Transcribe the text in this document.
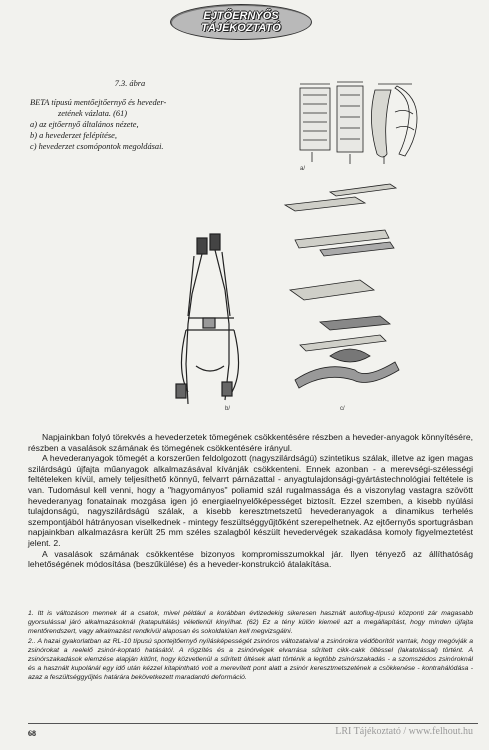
EJTŐERNYŐS
TÁJÉKOZTATÓ
7.3. ábra
BETA típusú mentőejtőernyő és heveder-
zetének vázlata. (61)
a) az ejtőernyő általános nézete,
b) a hevederzet felépítése,
c) hevederzet csomópontok megoldásai.
a/
b/	c/

Napjainkban folyó törekvés a hevederzetek tömegének csökkentésére részben a heveder-anyagok könnyítésére, részben a vasalások számának és tömegének csökkentésére irányul.

A hevederanyagok tömegét a korszerűen feldolgozott (nagyszilárdságú) szintetikus szálak, illetve az igen magas szilárdságú újfajta műanyagok alkalmazásával kívánják csökkenteni. Ennek azonban - a merevségi-szélességi feltételeken kívül, amely teljesíthető könnyű, felvarrt párnázattal - anyagtulajdonsági-gyártástechnológiai feltétele is van. Tudomásul kell venni, hogy a "hagyományos" poliamid szál rugalmassága és a viszonylag vastagra szövött hevederanyag fonatainak mozgása igen jó energiaelnyelőképességet biztosít. Ezzel szemben, a kisebb nyúlási tulajdonságú, nagyszilárdságú szálak, a kisebb keresztmetszetű hevederanyagok a dinamikus terhelés szempontjából hátrányosan viselkednek - mintegy feszültséggyűjtőként szerepelhetnek. Az ejtőernyős sportugrásban napjainkban alkalmazásra került 25 mm széles szalagból készült hevedervégek szakadása komoly figyelmeztetést jelent. 2.

A vasalások számának csökkentése bizonyos kompromisszumokkal jár. Ilyen tényező az állíthatóság lehetőségének módosítása (beszűkülése) és a heveder-konstrukció átalakítása.

1. Itt is változáson mennek át a csatok, mivel például a korábban évtizedekig sikeresen használt autoflug-típusú központi zár magasabb gyorsulással járó alkalmazásoknál (katapultálás) véletlenül kinyílhat. (62) Ez a tény külön kiemeli azt a megállapítást, hogy minden újfajta mentőrendszert, vagy alkalmazást rendkívül alaposan és sokoldalúan kell megvizsgálni.

2.. A hazai gyakorlatban az RL-10 típusú sportejtőernyő nyílásképességét zsinóros változataival a zsinórokra védőborítót varrtak, hogy megóvják a zsinórokat a reelelő zsinór-koptató hatásától. A rögzítés és a zsinórvégek elvarrása sűrített cikk-cakk öltéssel (lakatolással) történt. A zsinórszakadások elemzése alapján kitűnt, hogy közvetlenül a sűrített öltések alatt történik a legtöbb zsinórszakadás - a szomszédos zsinóroknál és a használt kupolánál egy idő után kézzel kitapintható volt a merevített pont alatt a zsinór keresztmetszetének a csökkenése - kontrahálódása - azaz a feszültséggyűjtés határára bekövetkezett maradandó deformáció.

68	LRI Tájékoztató / www.felhout.hu
